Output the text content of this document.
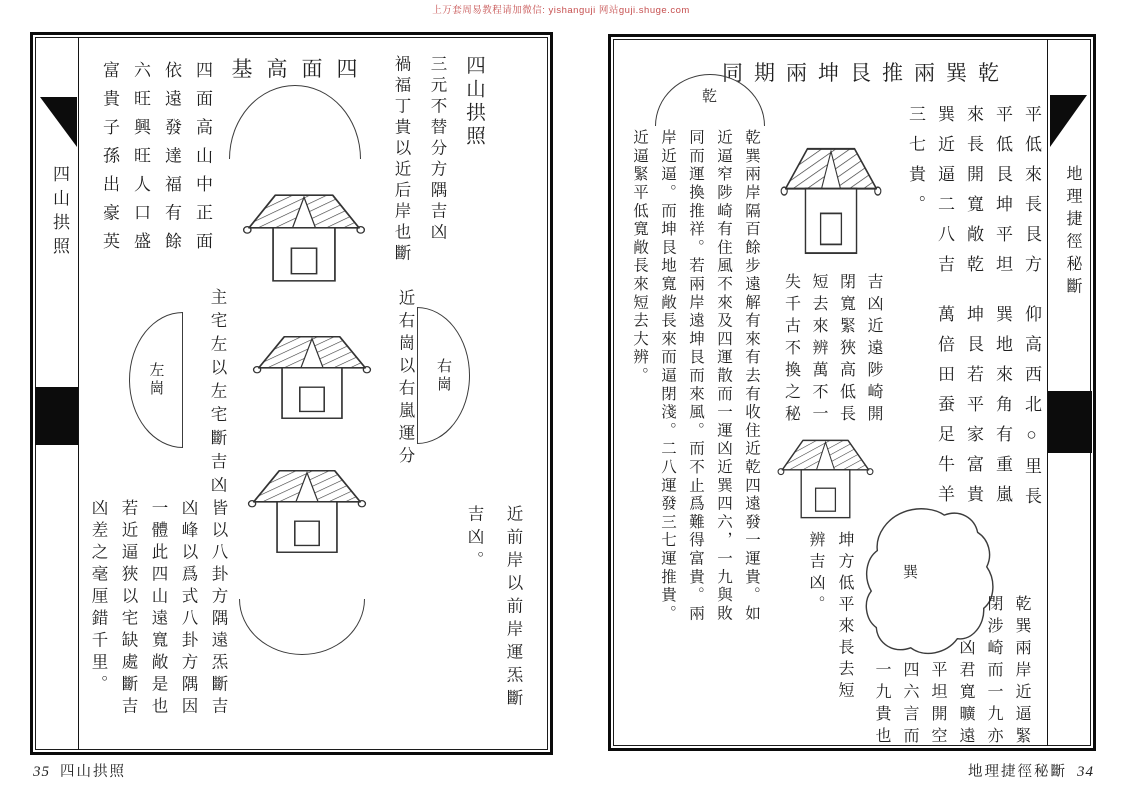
上万套周易教程请加微信: yishanguji 网站guji.shuge.com
四山拱照	四面高山中正面
依遠發達福有餘
六旺興旺人口盛
富貴子孫出豪英	基高面四	四山拱照
三元不替分方隅吉凶
禍福丁貴以近后岸也斷
近右崗以右嵐運分 右崗
主宅左以左宅斷吉凶
左崗
近前岸以前岸運炁斷
吉凶。
皆以八卦方隅遠炁斷吉
凶峰以爲式八卦方隅因
一體此四山遠寬敞是也
若近逼狹以宅缺處斷吉
凶差之毫厘錯千里。
地理捷徑秘斷
同期兩坤艮推兩巽乾
乾
平低來長艮方
平低艮坤平坦
來長開寬敞乾
巽近逼二八吉
三七貴。
仰高西北○里長
巽地來角有重嵐
坤艮若平家富貴
萬倍田蚕足牛羊
吉凶近遠陟崎開
閉寬緊狹高低長
短去來辨萬不一
失千古不換之秘
乾巽兩岸隔百餘步遠解有來有去有收住近乾四遠發一運貴。如
近逼窄陟崎有住風不來及四運散而一運凶近巽四六，一九與敗
同而運換推祥。若兩岸遠坤艮而來風。而不止爲難得富貴。兩
岸近逼。而坤艮地寬敞長來而逼閉淺。二八運發三七運推貴。
近逼緊平低寬敞長來短去大辨。
巽
坤方低平來長去短
辨吉凶。
乾巽兩岸近逼緊
閉涉崎而一九亦
凶君寬曠遠
平坦開空
四六言而
一九貴也
35 四山拱照	地理捷徑秘斷 34
